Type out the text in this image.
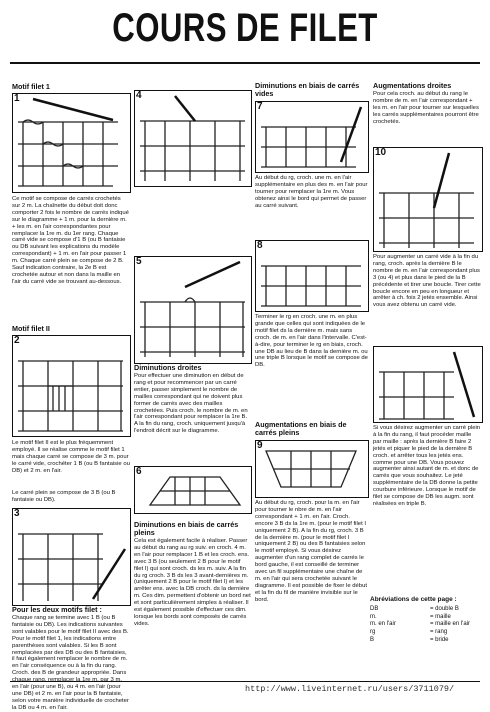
COURS DE FILET
Motif filet 1
1
Ce motif se compose de carrés crochetés sur 2 m. La chaînette du début doit donc comporter 2 fois le nombre de carrés indiqué sur le diagramme + 1 m. pour la dernière m. + les m. en l'air correspondantes pour remplacer la 1re m. du 1er rang. Chaque carré vide se compose d'1 B (ou B fantaisie ou DB suivant les explications du modèle correspondant) + 1 m. en l'air pour passer 1 m. Chaque carré plein se compose de 2 B. Sauf indication contraire, la 2e B est crochetée autour et non dans la maille en l'air du carré vide se trouvant au-dessous.
Motif filet II
2
Le motif filet II est le plus fréquemment employé. Il se réalise comme le motif filet 1 mais chaque carré se compose de 3 m. pour le carré vide, crochéter 1 B (ou B fantaisie ou DB) et 2 m. en l'air.
Le carré plein se compose de 3 B (ou B fantaisie ou DB).
3
Pour les deux motifs filet :
Chaque rang se termine avec 1 B (ou B fantaisie ou DB). Les indications suivantes sont valables pour le motif filet II avec des B. Pour le motif filet 1, les indications entre parenthèses sont valables. Si les B sont remplacées par des DB ou des B fantaisies, il faut également remplacer le nombre de m. en l'air conséquence ou à la fin du rang. Croch. des B de grandeur appropriée. Dans en l'air (pour une B), ou 4 m. en l'air (pour une DB) et 2 m. en l'air pour la B fantaisie, selon votre manière individuelle de crocheter la DB ou 4 m. en l'air.
4
5
Diminutions droites
Pour effectuer une diminution en début de rang et pour recommencer par un carré entier, passer simplement le nombre de mailles correspondant qui ne doivent plus former de carrés avec des mailles crochetées. Puis croch. le nombre de m. en l'air correspondant pour remplacer la 1re B. A la fin du rang, croch. uniquement jusqu'à l'endroit décrit sur le diagramme.
6
Diminutions en biais de carrés pleins
Cela est également facile à réaliser. Passer au début du rang au rg suiv. en croch. 4 m. en l'air pour remplacer 1 B et les croch. ens. avec 3 B (ou seulement 2 B pour le motif filet I) qui sont croch. ds les m. suiv. A la fin du rg croch. 3 B ds les 3 avant-dernières m. (uniquement 2 B pour le motif filet I) et les arrêter ens. avec la DB croch. ds la dernière m. Ces dim. permettent d'obtenir un bord net et sont particulièrement simples à réaliser. Il est également possible d'effectuer ces dim. lorsque les bords sont composés de carrés vides.
Diminutions en biais de carrés vides
7
Au début du rg, croch. une m. en l'air supplémentaire en plus des m. en l'air pour tourner pour remplacer la 1re m. Vous obtenez ainsi le bord qui permet de passer au carré suivant.
8
Terminer le rg en croch. une m. en plus grande que celles qui sont indiquées de le motif filet ds la dernière m. mais sans croch. de m. en l'air dans l'intervalle. C'est-à-dire, pour terminer le rg en biais, croch. une DB au lieu de B dans la dernière m. ou une triple B lorsque le motif se compose de DB.
Augmentations en biais de carrés pleins
9
Au début du rg, croch. pour la m. en l'air pour tourner le nbre de m. en l'air correspondant + 1 m. en l'air. Croch. encore 3 B ds la 1re m. (pour le motif filet I uniquement 2 B). A la fin du rg, croch. 3 B de la dernière m. (pour le motif filet I uniquement 2 B) ou des B fantaisies selon le motif employé. Si vous désirez augmenter d'un rang complet de carrés le bord gauche, il est conseillé de terminer avec un fil supplémentaire une chaîne de m. en l'air qui sera crochetée suivant le diagramme. Il est possible de fixer le début et la fin du fil de manière invisible sur le bord.
Augmentations droites
Pour cela croch. au début du rang le nombre de m. en l'air correspondant + les m. en l'air pour tourner sur lesquelles les carrés supplémentaires pourront être crochetés.
10
Pour augmenter un carré vide à la fin du rang, croch. après la dernière B le nombre de m. en l'air correspondant plus 3 (ou 4) et plus dans le pied de la B précédente et tirer une boucle. Tirer cette boucle encore en peu en longueur et arrêter à ch. fois 2 jetés ensemble. Ainsi vous avez obtenu un carré vide.
Si vous désirez augmenter un carré plein à la fin du rang, il faut procéder maille par maille : après la dernière B faire 2 jetés et piquer le pied de la dernière B croch. et arrêter tous les jetés ens. comme pour une DB. Vous pouvez augmenter ainsi autant de m. et donc de carrés que vous souhaitez. Le jeté supplémentaire de la DB donne la petite courbure inférieure. Lorsque le motif de filet se compose de DB les augm. sont réalisées en triple B.
Abréviations de cette page :
DB	= double B
m.	= maille
m. en l'air	= maille en l'air
rg	= rang
B	= bride
http://www.liveinternet.ru/users/3711079/
